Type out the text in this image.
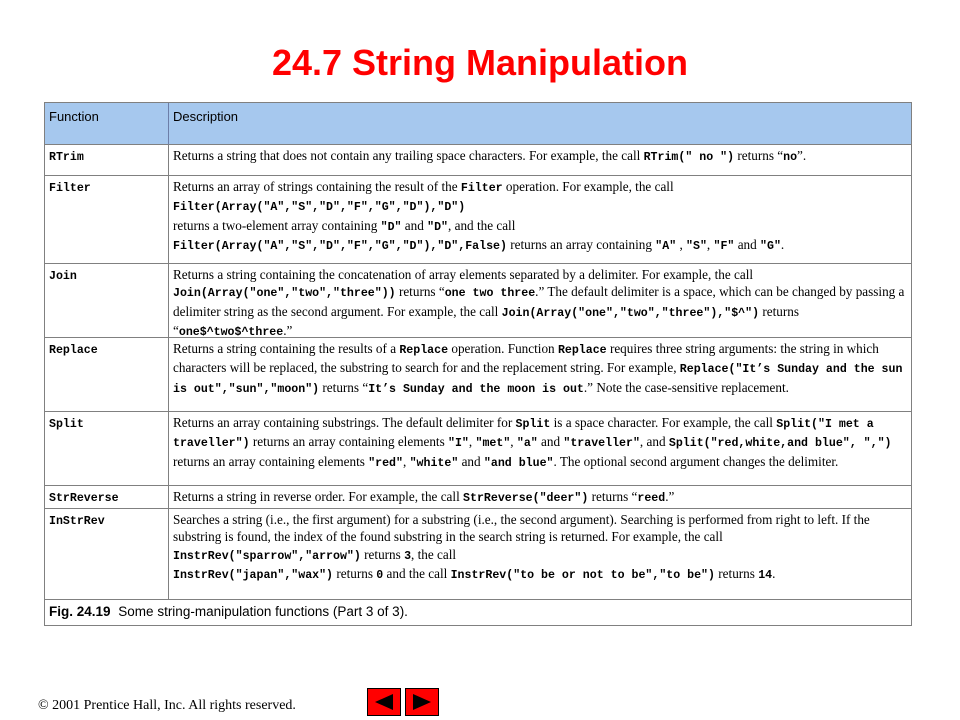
24.7 String Manipulation
Function	Description
RTrim	Returns a string that does not contain any trailing space characters. For example, the call RTrim(" no ") returns “no”.
Filter	Returns an array of strings containing the result of the Filter operation. For example, the call
Filter(Array("A","S","D","F","G","D"),"D")
returns a two-element array containing "D" and "D", and the call
Filter(Array("A","S","D","F","G","D"),"D",False) returns an array containing "A" , "S", "F" and "G".
Join	Returns a string containing the concatenation of array elements separated by a delimiter. For example, the call Join(Array("one","two","three")) returns “one two three.” The default delimiter is a space, which can be changed by passing a delimiter string as the second argument. For example, the call Join(Array("one","two","three"),"$^") returns “one$^two$^three.”
Replace	Returns a string containing the results of a Replace operation. Function Replace requires three string arguments: the string in which characters will be replaced, the substring to search for and the replacement string. For example, Replace("It’s Sunday and the sun is out","sun","moon") returns “It’s Sunday and the moon is out.” Note the case-sensitive replacement.
Split	Returns an array containing substrings. The default delimiter for Split is a space character. For example, the call Split("I met a traveller") returns an array containing elements "I", "met", "a" and "traveller", and Split("red,white,and blue", ",") returns an array containing elements "red", "white" and "and blue". The optional second argument changes the delimiter.
StrReverse	Returns a string in reverse order. For example, the call StrReverse("deer") returns “reed.”
InStrRev	Searches a string (i.e., the first argument) for a substring (i.e., the second argument). Searching is performed from right to left. If the substring is found, the index of the found substring in the search string is returned. For example, the call InstrRev("sparrow","arrow") returns 3, the call
InstrRev("japan","wax") returns 0 and the call InstrRev("to be or not to be","to be") returns 14.
Fig. 24.19 Some string-manipulation functions (Part 3 of 3).
© 2001 Prentice Hall, Inc. All rights reserved.
